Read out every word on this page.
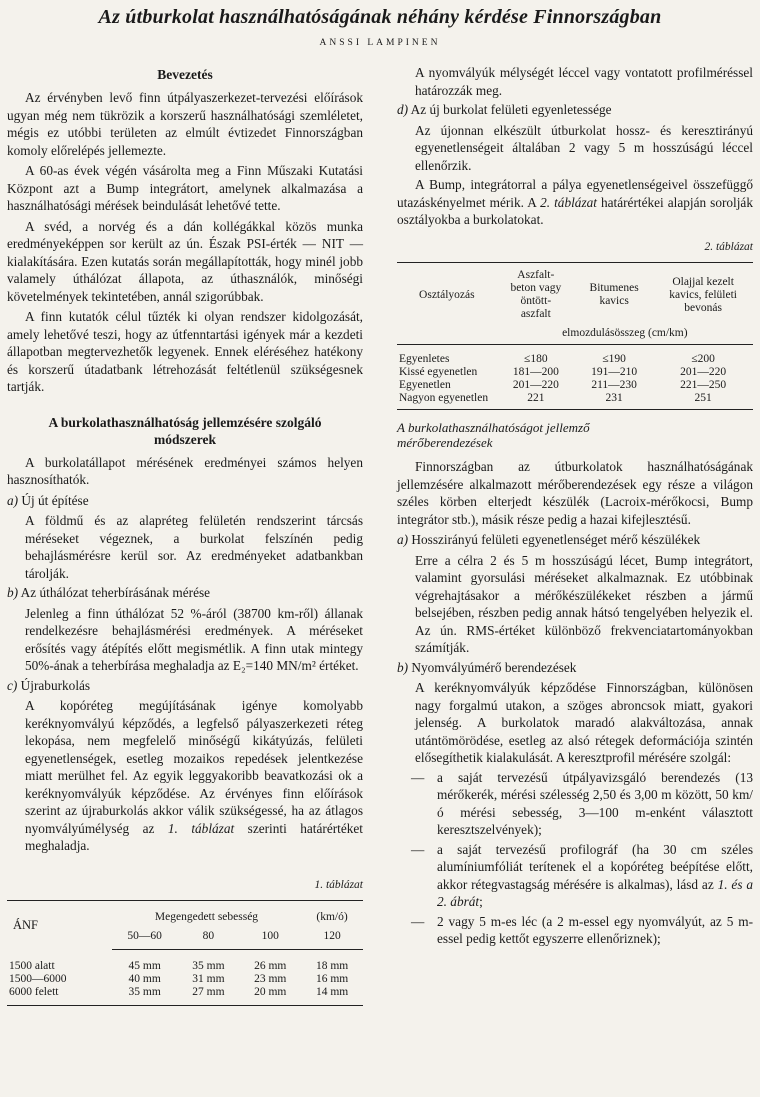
Az útburkolat használhatóságának néhány kérdése Finnországban
ANSSI LAMPINEN
Bevezetés

Az érvényben levő finn útpályaszerkezet-tervezési előírások ugyan még nem tükrözik a korszerű használhatósági szemléletet, mégis ez utóbbi területen az elmúlt évtizedet Finnországban komoly előrelépés jellemezte.

A 60-as évek végén vásárolta meg a Finn Műszaki Kutatási Központ azt a Bump integrátort, amelynek alkalmazása a használhatósági mérések beindulását lehetővé tette.

A svéd, a norvég és a dán kollégákkal közös munka eredményeképpen sor került az ún. Észak PSI-érték — NIT — kialakítására. Ezen kutatás során megállapították, hogy minél jobb valamely úthálózat állapota, az úthasználók, minőségi követelmények tekintetében, annál szigorúbbak.

A finn kutatók célul tűzték ki olyan rendszer kidolgozását, amely lehetővé teszi, hogy az útfenntartási igények már a kezdeti állapotban megtervezhetők legyenek. Ennek eléréséhez hatékony és korszerű útadatbank létrehozását feltétlenül szükségesnek tartják.

A burkolathasználhatóság jellemzésére szolgáló módszerek

A burkolatállapot mérésének eredményei számos helyen hasznosíthatók.

a) Új út építése

A földmű és az alapréteg felületén rendszerint tárcsás méréseket végeznek, a burkolat felszínén pedig behajlásmérésre kerül sor. Az eredményeket adatbankban tárolják.

b) Az úthálózat teherbírásának mérése

Jelenleg a finn úthálózat 52 %-áról (38700 km-ről) állanak rendelkezésre behajlásmérési eredmények. A méréseket erősítés vagy átépítés előtt megismétlik. A finn utak mintegy 50%-ának a teherbírása meghaladja az E₂=140 MN/m² értéket.

c) Újraburkolás

A kopóréteg megújításának igénye komolyabb keréknyomvályú képződés, a legfelső pályaszerkezeti réteg lekopása, nem megfelelő minőségű kikátyúzás, felületi egyenetlenségek, esetleg mozaikos repedések jelentkezése miatt merülhet fel. Az egyik leggyakoribb beavatkozási ok a keréknyomvályúk képződése. Az érvényes finn előírások szerint az újraburkolás akkor válik szükségessé, ha az átlagos nyomvályúmélység az 1. táblázat szerinti határértéket meghaladja.

1. táblázat
ÁNF	Megengedett sebesség			(km/ó)
	50—60	80	100	120
1500 alatt	45 mm	35 mm	26 mm	18 mm
1500—6000	40 mm	31 mm	23 mm	16 mm
6000 felett	35 mm	27 mm	20 mm	14 mm

A nyomvályúk mélységét léccel vagy vontatott profilméréssel határozzák meg.

d) Az új burkolat felületi egyenletessége

Az újonnan elkészült útburkolat hossz- és keresztirányú egyenetlenségeit általában 2 vagy 5 m hosszúságú léccel ellenőrzik.

A Bump, integrátorral a pálya egyenetlenségeivel összefüggő utazáskényelmet mérik. A 2. táblázat határértékei alapján sorolják osztályokba a burkolatokat.

2. táblázat
Osztályozás	Aszfalt-beton vagy öntött-aszfalt	Bitumenes kavics	Olajjal kezelt kavics, felületi bevonás
	elmozdulásösszeg (cm/km)		
Egyenletes	≤180	≤190	≤200
Kissé egyenetlen	181—200	191—210	201—220
Egyenetlen	201—220	211—230	221—250
Nagyon egyenetlen	221	231	251
A burkolathasználhatóságot jellemző mérőberendezések

Finnországban az útburkolatok használhatóságának jellemzésére alkalmazott mérőberendezések egy része a világon széles körben elterjedt készülék (Lacroix-mérőkocsi, Bump integrátor stb.), másik része pedig a hazai kifejlesztésű.

a) Hosszirányú felületi egyenetlenséget mérő készülékek

Erre a célra 2 és 5 m hosszúságú lécet, Bump integrátort, valamint gyorsulási méréseket alkalmaznak. Ez utóbbinak végrehajtásakor a mérőkészülékeket részben a jármű belsejében, részben pedig annak hátsó tengelyében helyezik el. Az ún. RMS-értéket különböző frekvenciatartományokban számítják.

b) Nyomvályúmérő berendezések

A keréknyomvályúk képződése Finnországban, különösen nagy forgalmú utakon, a szöges abroncsok miatt, gyakori jelenség. A burkolatok maradó alakváltozása, annak utántömörödése, esetleg az alsó rétegek deformációja szintén elősegíthetik kialakulását. A keresztprofil mérésére szolgál:

— a saját tervezésű útpályavizsgáló berendezés (13 mérőkerék, mérési szélesség 2,50 és 3,00 m között, 50 km/ó mérési sebesség, 3—100 m-enként választott keresztszelvények);

— a saját tervezésű profilográf (ha 30 cm széles alumíniumfóliát terítenek el a kopóréteg beépítése előtt, akkor rétegvastagság mérésére is alkalmas), lásd az 1. és a 2. ábrát;

— 2 vagy 5 m-es léc (a 2 m-essel egy nyomvályút, az 5 m-essel pedig kettőt egyszerre ellenőriznek);
